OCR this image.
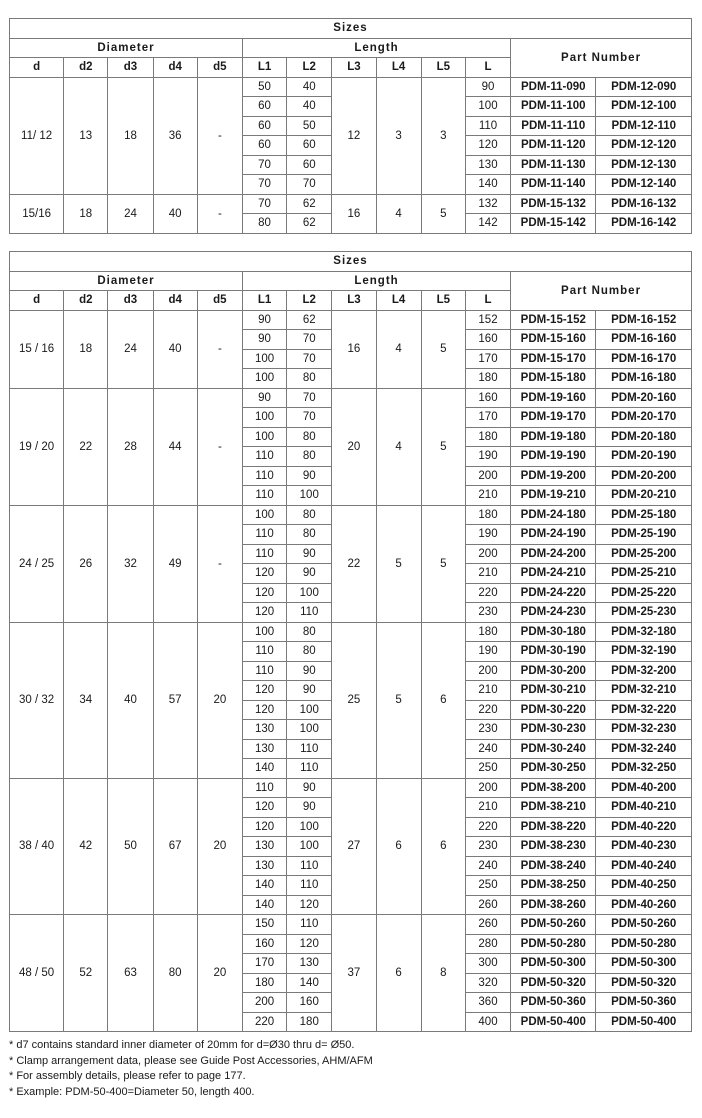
Sizes												
Diameter					Length						Part Number	
d	d2	d3	d4	d5	L1	L2	L3	L4	L5	L		
11/ 12	13	18	36	-	50	40	12	3	3	90	PDM-11-090	PDM-12-090
					60	40				100	PDM-11-100	PDM-12-100
					60	50				110	PDM-11-110	PDM-12-110
					60	60				120	PDM-11-120	PDM-12-120
					70	60				130	PDM-11-130	PDM-12-130
					70	70				140	PDM-11-140	PDM-12-140
15/16	18	24	40	-	70	62	16	4	5	132	PDM-15-132	PDM-16-132
					80	62				142	PDM-15-142	PDM-16-142
Sizes												
Diameter					Length						Part Number	
d	d2	d3	d4	d5	L1	L2	L3	L4	L5	L		
15 / 16	18	24	40	-	90	62	16	4	5	152	PDM-15-152	PDM-16-152
					90	70				160	PDM-15-160	PDM-16-160
					100	70				170	PDM-15-170	PDM-16-170
					100	80				180	PDM-15-180	PDM-16-180
19 / 20	22	28	44	-	90	70	20	4	5	160	PDM-19-160	PDM-20-160
					100	70				170	PDM-19-170	PDM-20-170
					100	80				180	PDM-19-180	PDM-20-180
					110	80				190	PDM-19-190	PDM-20-190
					110	90				200	PDM-19-200	PDM-20-200
					110	100				210	PDM-19-210	PDM-20-210
24 / 25	26	32	49	-	100	80	22	5	5	180	PDM-24-180	PDM-25-180
					110	80				190	PDM-24-190	PDM-25-190
					110	90				200	PDM-24-200	PDM-25-200
					120	90				210	PDM-24-210	PDM-25-210
					120	100				220	PDM-24-220	PDM-25-220
					120	110				230	PDM-24-230	PDM-25-230
30 / 32	34	40	57	20	100	80	25	5	6	180	PDM-30-180	PDM-32-180
					110	80				190	PDM-30-190	PDM-32-190
					110	90				200	PDM-30-200	PDM-32-200
					120	90				210	PDM-30-210	PDM-32-210
					120	100				220	PDM-30-220	PDM-32-220
					130	100				230	PDM-30-230	PDM-32-230
					130	110				240	PDM-30-240	PDM-32-240
					140	110				250	PDM-30-250	PDM-32-250
38 / 40	42	50	67	20	110	90	27	6	6	200	PDM-38-200	PDM-40-200
					120	90				210	PDM-38-210	PDM-40-210
					120	100				220	PDM-38-220	PDM-40-220
					130	100				230	PDM-38-230	PDM-40-230
					130	110				240	PDM-38-240	PDM-40-240
					140	110				250	PDM-38-250	PDM-40-250
					140	120				260	PDM-38-260	PDM-40-260
48 / 50	52	63	80	20	150	110	37	6	8	260	PDM-50-260	PDM-50-260
					160	120				280	PDM-50-280	PDM-50-280
					170	130				300	PDM-50-300	PDM-50-300
					180	140				320	PDM-50-320	PDM-50-320
					200	160				360	PDM-50-360	PDM-50-360
					220	180				400	PDM-50-400	PDM-50-400
* d7 contains standard inner diameter of 20mm for d=Ø30 thru d= Ø50.
* Clamp arrangement data, please see Guide Post Accessories, AHM/AFM
* For assembly details, please refer to page 177.
* Example: PDM-50-400=Diameter 50, length 400.
